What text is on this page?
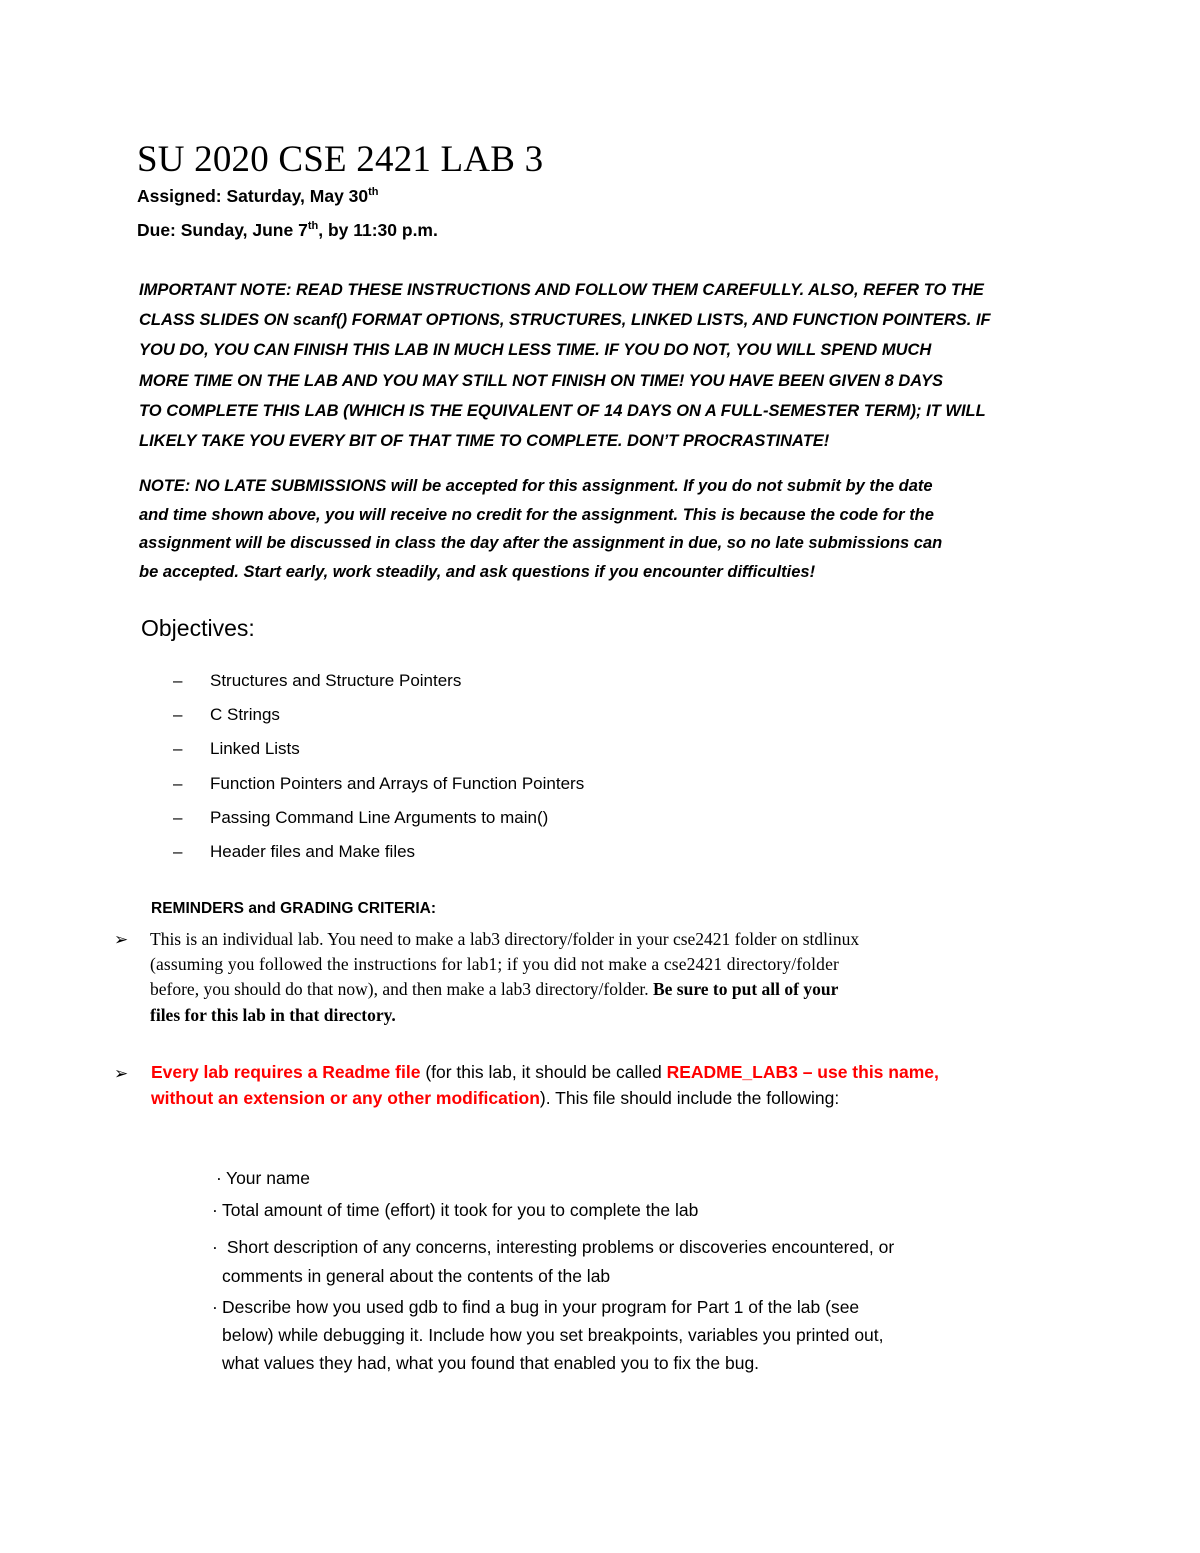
SU 2020 CSE 2421 LAB 3
Assigned: Saturday, May 30th
Due: Sunday, June 7th, by 11:30 p.m.
IMPORTANT NOTE: READ THESE INSTRUCTIONS AND FOLLOW THEM CAREFULLY. ALSO, REFER TO THE
CLASS SLIDES ON scanf() FORMAT OPTIONS, STRUCTURES, LINKED LISTS, AND FUNCTION POINTERS. IF
YOU DO, YOU CAN FINISH THIS LAB IN MUCH LESS TIME. IF YOU DO NOT, YOU WILL SPEND MUCH
MORE TIME ON THE LAB AND YOU MAY STILL NOT FINISH ON TIME! YOU HAVE BEEN GIVEN 8 DAYS
TO COMPLETE THIS LAB (WHICH IS THE EQUIVALENT OF 14 DAYS ON A FULL-SEMESTER TERM); IT WILL
LIKELY TAKE YOU EVERY BIT OF THAT TIME TO COMPLETE. DON’T PROCRASTINATE!
NOTE: NO LATE SUBMISSIONS will be accepted for this assignment. If you do not submit by the date
and time shown above, you will receive no credit for the assignment. This is because the code for the
assignment will be discussed in class the day after the assignment in due, so no late submissions can
be accepted. Start early, work steadily, and ask questions if you encounter difficulties!
Objectives:
– Structures and Structure Pointers
– C Strings
– Linked Lists
– Function Pointers and Arrays of Function Pointers
– Passing Command Line Arguments to main()
– Header files and Make files
REMINDERS and GRADING CRITERIA:
➢ This is an individual lab. You need to make a lab3 directory/folder in your cse2421 folder on stdlinux
(assuming you followed the instructions for lab1; if you did not make a cse2421 directory/folder
before, you should do that now), and then make a lab3 directory/folder. Be sure to put all of your
files for this lab in that directory.
➢ Every lab requires a Readme file (for this lab, it should be called README_LAB3 – use this name,
without an extension or any other modification). This file should include the following:
· Your name
· Total amount of time (effort) it took for you to complete the lab
· Short description of any concerns, interesting problems or discoveries encountered, or
comments in general about the contents of the lab
· Describe how you used gdb to find a bug in your program for Part 1 of the lab (see
below) while debugging it. Include how you set breakpoints, variables you printed out,
what values they had, what you found that enabled you to fix the bug.
